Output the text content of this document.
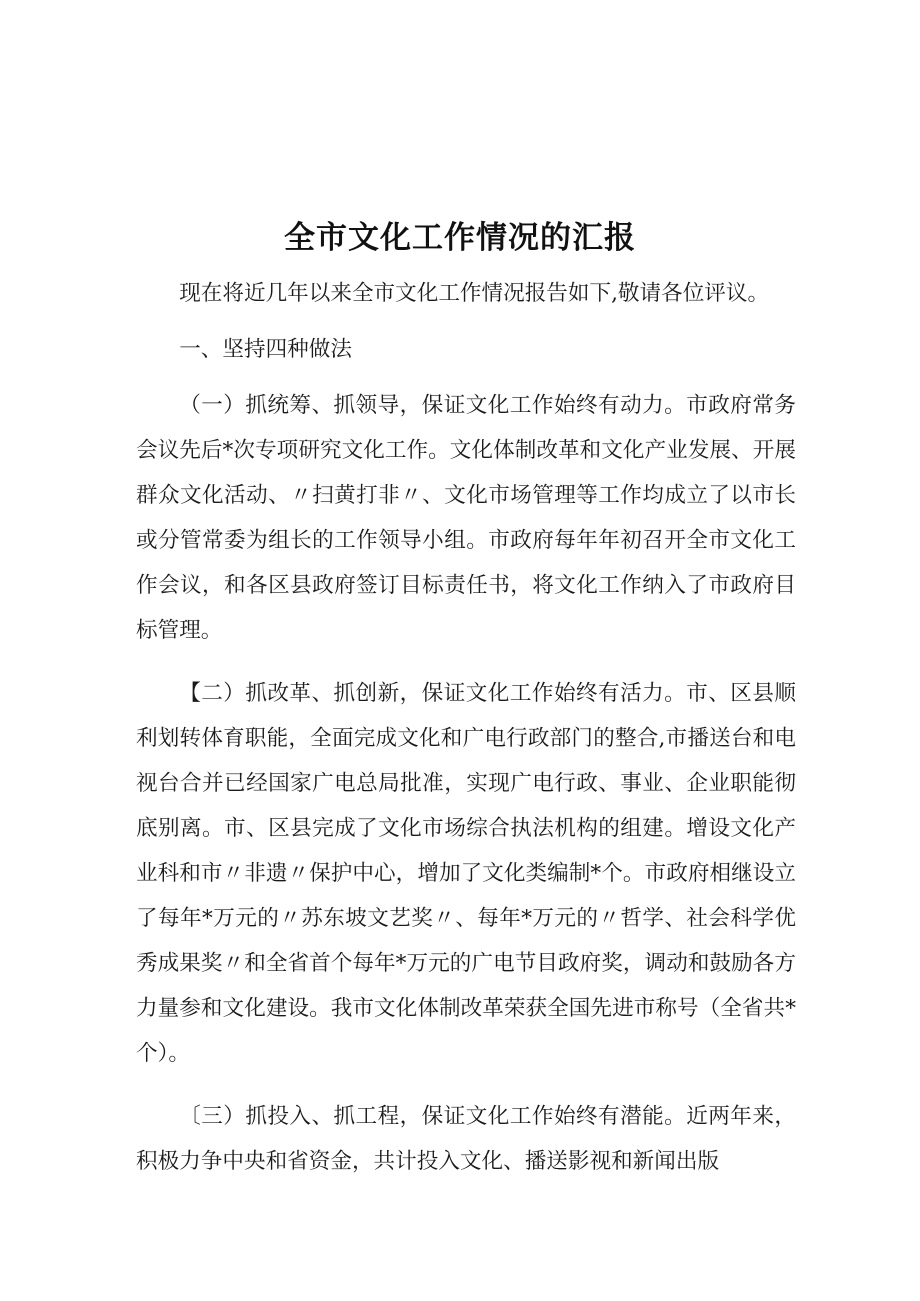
全市文化工作情况的汇报

现在将近几年以来全市文化工作情况报告如下,敬请各位评议。

一、坚持四种做法

（一）抓统筹、抓领导，保证文化工作始终有动力。市政府常务会议先后*次专项研究文化工作。文化体制改革和文化产业发展、开展群众文化活动、〃扫黄打非〃、文化市场管理等工作均成立了以市长或分管常委为组长的工作领导小组。市政府每年年初召开全市文化工作会议，和各区县政府签订目标责任书，将文化工作纳入了市政府目标管理。

【二）抓改革、抓创新，保证文化工作始终有活力。市、区县顺利划转体育职能，全面完成文化和广电行政部门的整合,市播送台和电视台合并已经国家广电总局批准，实现广电行政、事业、企业职能彻底别离。市、区县完成了文化市场综合执法机构的组建。增设文化产业科和市〃非遗〃保护中心，增加了文化类编制*个。市政府相继设立了每年*万元的〃苏东坡文艺奖〃、每年*万元的〃哲学、社会科学优秀成果奖〃和全省首个每年*万元的广电节目政府奖，调动和鼓励各方力量参和文化建设。我市文化体制改革荣获全国先进市称号（全省共*个）。

〔三）抓投入、抓工程，保证文化工作始终有潜能。近两年来，积极力争中央和省资金，共计投入文化、播送影视和新闻出版
